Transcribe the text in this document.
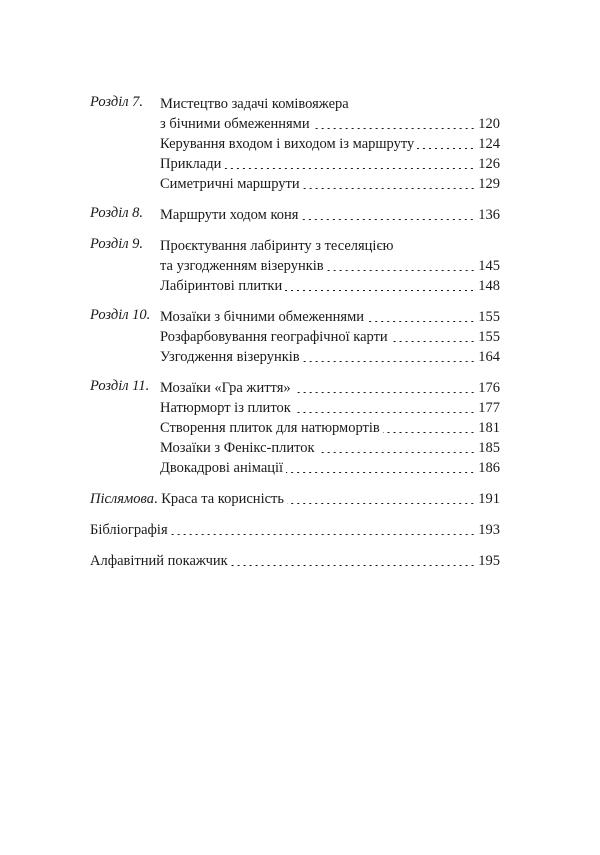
Розділ 7. Мистецтво задачі комівояжера
з бічними обмеженнями	120
Керування входом і виходом із маршруту	124
Приклади	126
Симетричні маршрути	129
Розділ 8. Маршрути ходом коня	136
Розділ 9. Проєктування лабіринту з теселяцією
та узгодженням візерунків	145
Лабіринтові плитки	148
Розділ 10. Мозаїки з бічними обмеженнями	155
Розфарбовування географічної карти	155
Узгодження візерунків	164
Розділ 11. Мозаїки «Гра життя»	176
Натюрморт із плиток	177
Створення плиток для натюрмортів	181
Мозаїки з Фенікс-плиток	185
Двокадрові анімації	186
Післямова. Краса та корисність	191
Бібліографія	193
Алфавітний покажчик	195
